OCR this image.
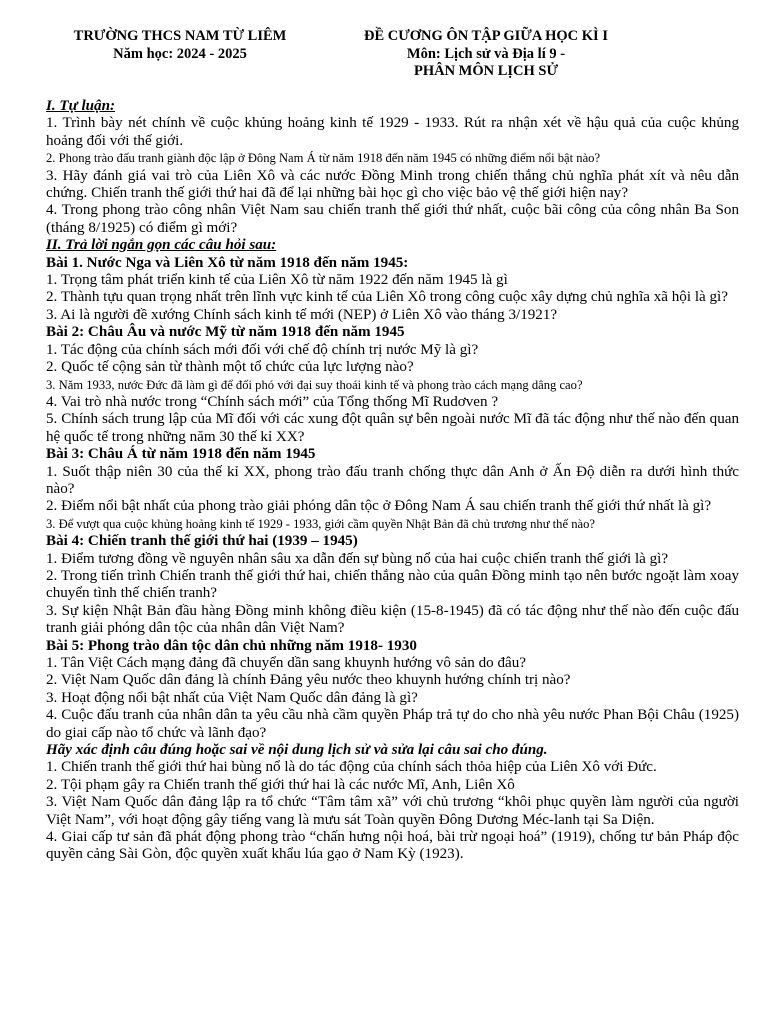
TRƯỜNG THCS NAM TỪ LIÊM
Năm học: 2024 - 2025
ĐỀ CƯƠNG ÔN TẬP GIỮA HỌC KÌ I
Môn: Lịch sử và Địa lí 9 -
PHÂN MÔN LỊCH SỬ

I. Tự luận:

1. Trình bày nét chính về cuộc khủng hoảng kinh tế 1929 - 1933. Rút ra nhận xét về hậu quả của cuộc khủng hoảng đối với thế giới.

2. Phong trào đấu tranh giành độc lập ở Đông Nam Á từ năm 1918 đến năm 1945 có những điểm nổi bật nào?

3. Hãy đánh giá vai trò của Liên Xô và các nước Đồng Minh trong chiến thắng chủ nghĩa phát xít và nêu dẫn chứng. Chiến tranh thế giới thứ hai đã để lại những bài học gì cho việc bảo vệ thế giới hiện nay?

4. Trong phong trào công nhân Việt Nam sau chiến tranh thế giới thứ nhất, cuộc bãi công của công nhân Ba Son (tháng 8/1925) có điểm gì mới?

II. Trả lời ngắn gọn các câu hỏi sau:

Bài 1. Nước Nga và Liên Xô từ năm 1918 đến năm 1945:

1. Trọng tâm phát triển kinh tế của Liên Xô từ năm 1922 đến năm 1945 là gì

2. Thành tựu quan trọng nhất trên lĩnh vực kinh tế của Liên Xô trong công cuộc xây dựng chủ nghĩa xã hội là gì?

3. Ai là người đề xướng Chính sách kinh tế mới (NEP) ở Liên Xô vào tháng 3/1921?

Bài 2: Châu Âu và nước Mỹ từ năm 1918 đến năm 1945

1. Tác động của chính sách mới đối với chế độ chính trị nước Mỹ là gì?

2. Quốc tế cộng sản từ thành một tổ chức của lực lượng nào?

3. Năm 1933, nước Đức đã làm gì để đối phó với đại suy thoái kinh tế và phong trào cách mạng dâng cao?

4. Vai trò nhà nước trong “Chính sách mới” của Tổng thống Mĩ Rudơven ?

5. Chính sách trung lập của Mĩ đối với các xung đột quân sự bên ngoài nước Mĩ đã tác động như thế nào đến quan hệ quốc tế trong những năm 30 thế kỉ XX?

Bài 3: Châu Á từ năm 1918 đến năm 1945

1. Suốt thập niên 30 của thế kỉ XX, phong trào đấu tranh chống thực dân Anh ở Ấn Độ diễn ra dưới hình thức nào?

2. Điểm nổi bật nhất của phong trào giải phóng dân tộc ở Đông Nam Á sau chiến tranh thế giới thứ nhất là gì?

3. Để vượt qua cuộc khủng hoảng kinh tế 1929 - 1933, giới cầm quyền Nhật Bản đã chủ trương như thế nào?

Bài 4: Chiến tranh thế giới thứ hai (1939 – 1945)

1. Điểm tương đồng về nguyên nhân sâu xa dẫn đến sự bùng nổ của hai cuộc chiến tranh thế giới là gì?

2. Trong tiến trình Chiến tranh thế giới thứ hai, chiến thắng nào của quân Đồng minh tạo nên bước ngoặt làm xoay chuyển tình thế chiến tranh?

3. Sự kiện Nhật Bản đầu hàng Đồng minh không điều kiện (15-8-1945) đã có tác động như thế nào đến cuộc đấu tranh giải phóng dân tộc của nhân dân Việt Nam?

Bài 5: Phong trào dân tộc dân chủ những năm 1918- 1930

1. Tân Việt Cách mạng đảng đã chuyển dần sang khuynh hướng vô sản do đâu?

2. Việt Nam Quốc dân đảng là chính Đảng yêu nước theo khuynh hướng chính trị nào?

3. Hoạt động nổi bật nhất của Việt Nam Quốc dân đảng là gì?

4. Cuộc đấu tranh của nhân dân ta yêu cầu nhà cầm quyền Pháp trả tự do cho nhà yêu nước Phan Bội Châu (1925) do giai cấp nào tổ chức và lãnh đạo?

Hãy xác định câu đúng hoặc sai về nội dung lịch sử và sửa lại câu sai cho đúng.

1. Chiến tranh thế giới thứ hai bùng nổ là do tác động của chính sách thỏa hiệp của Liên Xô với Đức.

2. Tội phạm gây ra Chiến tranh thế giới thứ hai là các nước Mĩ, Anh, Liên Xô

3. Việt Nam Quốc dân đảng lập ra tổ chức “Tâm tâm xã” với chủ trương “khôi phục quyền làm người của người Việt Nam”, với hoạt động gây tiếng vang là mưu sát Toàn quyền Đông Dương Méc-lanh tại Sa Diện.

4. Giai cấp tư sản đã phát động phong trào “chấn hưng nội hoá, bài trừ ngoại hoá” (1919), chống tư bản Pháp độc quyền cảng Sài Gòn, độc quyền xuất khẩu lúa gạo ở Nam Kỳ (1923).
